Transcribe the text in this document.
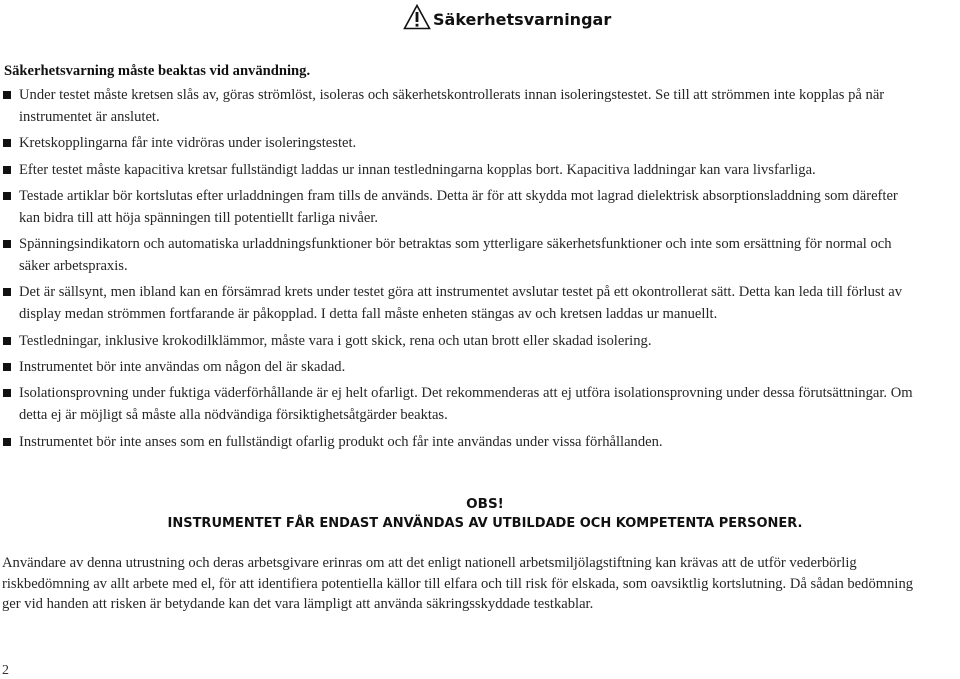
Säkerhetsvarningar
Säkerhetsvarning måste beaktas vid användning.
Under testet måste kretsen slås av, göras strömlöst, isoleras och säkerhetskontrollerats innan isoleringstestet. Se till att strömmen inte kopplas på när
instrumentet är anslutet.
Kretskopplingarna får inte vidröras under isoleringstestet.
Efter testet måste kapacitiva kretsar fullständigt laddas ur innan testledningarna kopplas bort. Kapacitiva laddningar kan vara livsfarliga.
Testade artiklar bör kortslutas efter urladdningen fram tills de används. Detta är för att skydda mot lagrad dielektrisk absorptionsladdning som därefter
kan bidra till att höja spänningen till potentiellt farliga nivåer.
Spänningsindikatorn och automatiska urladdningsfunktioner bör betraktas som ytterligare säkerhetsfunktioner och inte som ersättning för normal och
säker arbetspraxis.
Det är sällsynt, men ibland kan en försämrad krets under testet göra att instrumentet avslutar testet på ett okontrollerat sätt. Detta kan leda till förlust av
display medan strömmen fortfarande är påkopplad. I detta fall måste enheten stängas av och kretsen laddas ur manuellt.
Testledningar, inklusive krokodilklämmor, måste vara i gott skick, rena och utan brott eller skadad isolering.
Instrumentet bör inte användas om någon del är skadad.
Isolationsprovning under fuktiga väderförhållande är ej helt ofarligt. Det rekommenderas att ej utföra isolationsprovning under dessa förutsättningar. Om
detta ej är möjligt så måste alla nödvändiga försiktighetsåtgärder beaktas.
Instrumentet bör inte anses som en fullständigt ofarlig produkt och får inte användas under vissa förhållanden.
OBS!
INSTRUMENTET FÅR ENDAST ANVÄNDAS AV UTBILDADE OCH KOMPETENTA PERSONER.
Användare av denna utrustning och deras arbetsgivare erinras om att det enligt nationell arbetsmiljölagstiftning kan krävas att de utför vederbörlig
riskbedömning av allt arbete med el, för att identifiera potentiella källor till elfara och till risk för elskada, som oavsiktlig kortslutning. Då sådan bedömning
ger vid handen att risken är betydande kan det vara lämpligt att använda säkringsskyddade testkablar.
2
